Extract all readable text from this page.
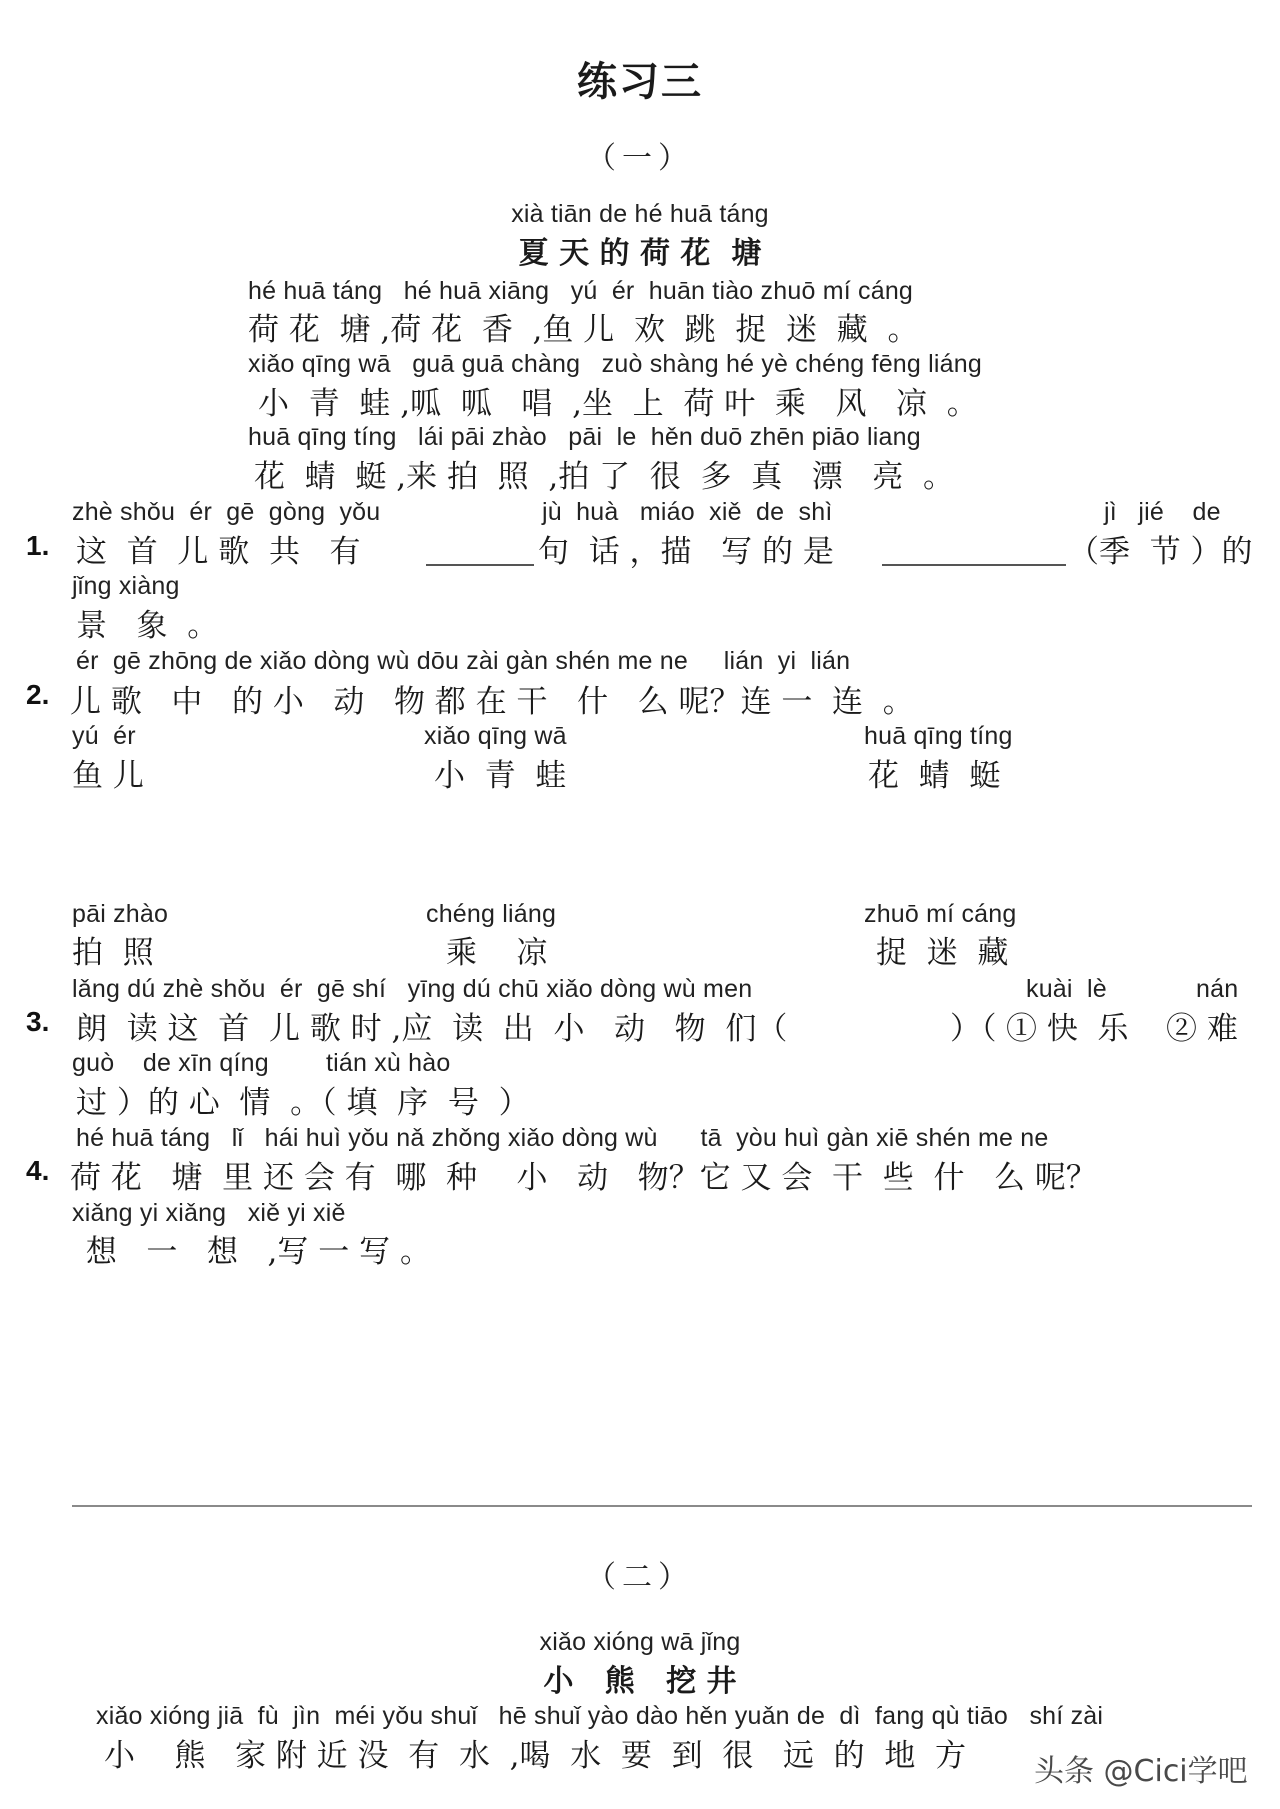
练习三
（一）
xià tiān de hé huā táng
夏 天 的 荷 花  塘
hé huā táng   hé huā xiāng   yú  ér  huān tiào zhuō mí cáng
荷 花  塘 ,荷 花  香  ,鱼 儿  欢  跳  捉  迷  藏  。
xiǎo qīng wā   guā guā chàng   zuò shàng hé yè chéng fēng liáng
小  青  蛙 ,呱  呱   唱  ,坐  上  荷 叶  乘   风   凉  。
huā qīng tíng   lái pāi zhào   pāi  le  hěn duō zhēn piāo liang
花  蜻  蜓 ,来 拍  照  ,拍 了  很  多  真   漂   亮  。
zhè shǒu  ér  gē  gòng  yǒu	jù  huà   miáo  xiě  de  shì	jì   jié    de
1. 这  首  儿 歌  共   有	句  话 ，描   写 的 是	（季  节 ）的
jǐng xiàng
景   象  。
ér  gē zhōng de xiǎo dòng wù dōu zài gàn shén me ne     lián  yi  lián
2. 儿 歌   中   的 小   动   物 都 在 干   什   么 呢？连 一  连  。
yú  ér
鱼 儿
xiǎo qīng wā
小  青  蛙
huā qīng tíng
花  蜻  蜓
pāi zhào
拍  照
chéng liáng
乘    凉
zhuō mí cáng
捉  迷  藏
lǎng dú zhè shǒu  ér  gē shí   yīng dú chū xiǎo dòng wù men	kuài  lè	nán
3. 朗  读 这  首  儿 歌 时 ,应  读  出  小   动   物  们（	）（ ① 快  乐 ② 难
guò    de xīn qíng        tián xù hào
过 ）的 心  情  。（ 填  序  号  ）
hé huā táng   lǐ   hái huì yǒu nǎ zhǒng xiǎo dòng wù      tā  yòu huì gàn xiē shén me ne
4. 荷 花   塘  里 还 会 有  哪  种    小   动   物？它 又 会  干  些  什   么 呢？
xiǎng yi xiǎng   xiě yi xiě
想   一   想   ,写 一 写 。
（二）
xiǎo xióng wā jǐng
小   熊   挖 井
xiǎo xióng jiā  fù  jìn  méi yǒu shuǐ   hē shuǐ yào dào hěn yuǎn de  dì  fang qù tiāo   shí zài
小    熊   家 附 近 没  有  水  ,喝  水  要  到  很   远  的  地  方 头条 @Cici学吧
